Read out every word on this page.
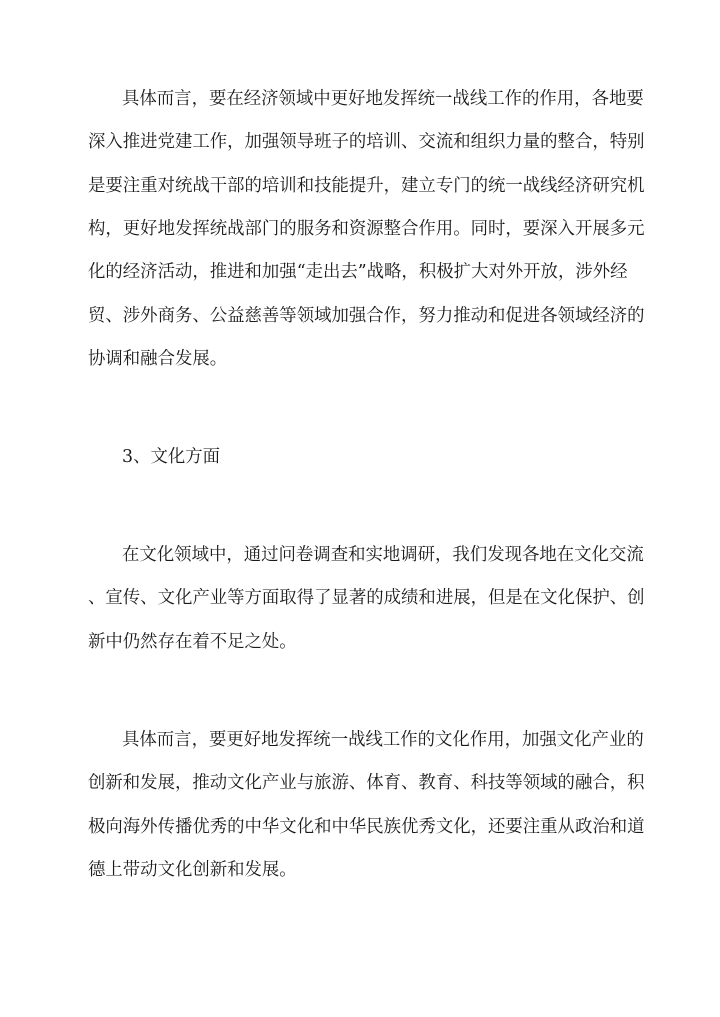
具体而言，要在经济领域中更好地发挥统一战线工作的作用，各地要
深入推进党建工作，加强领导班子的培训、交流和组织力量的整合，特别
是要注重对统战干部的培训和技能提升，建立专门的统一战线经济研究机
构，更好地发挥统战部门的服务和资源整合作用。同时，要深入开展多元
化的经济活动，推进和加强“走出去”战略，积极扩大对外开放，涉外经
贸、涉外商务、公益慈善等领域加强合作，努力推动和促进各领域经济的
协调和融合发展。
3、文化方面
在文化领域中，通过问卷调查和实地调研，我们发现各地在文化交流
、宣传、文化产业等方面取得了显著的成绩和进展，但是在文化保护、创
新中仍然存在着不足之处。
具体而言，要更好地发挥统一战线工作的文化作用，加强文化产业的
创新和发展，推动文化产业与旅游、体育、教育、科技等领域的融合，积
极向海外传播优秀的中华文化和中华民族优秀文化，还要注重从政治和道
德上带动文化创新和发展。
